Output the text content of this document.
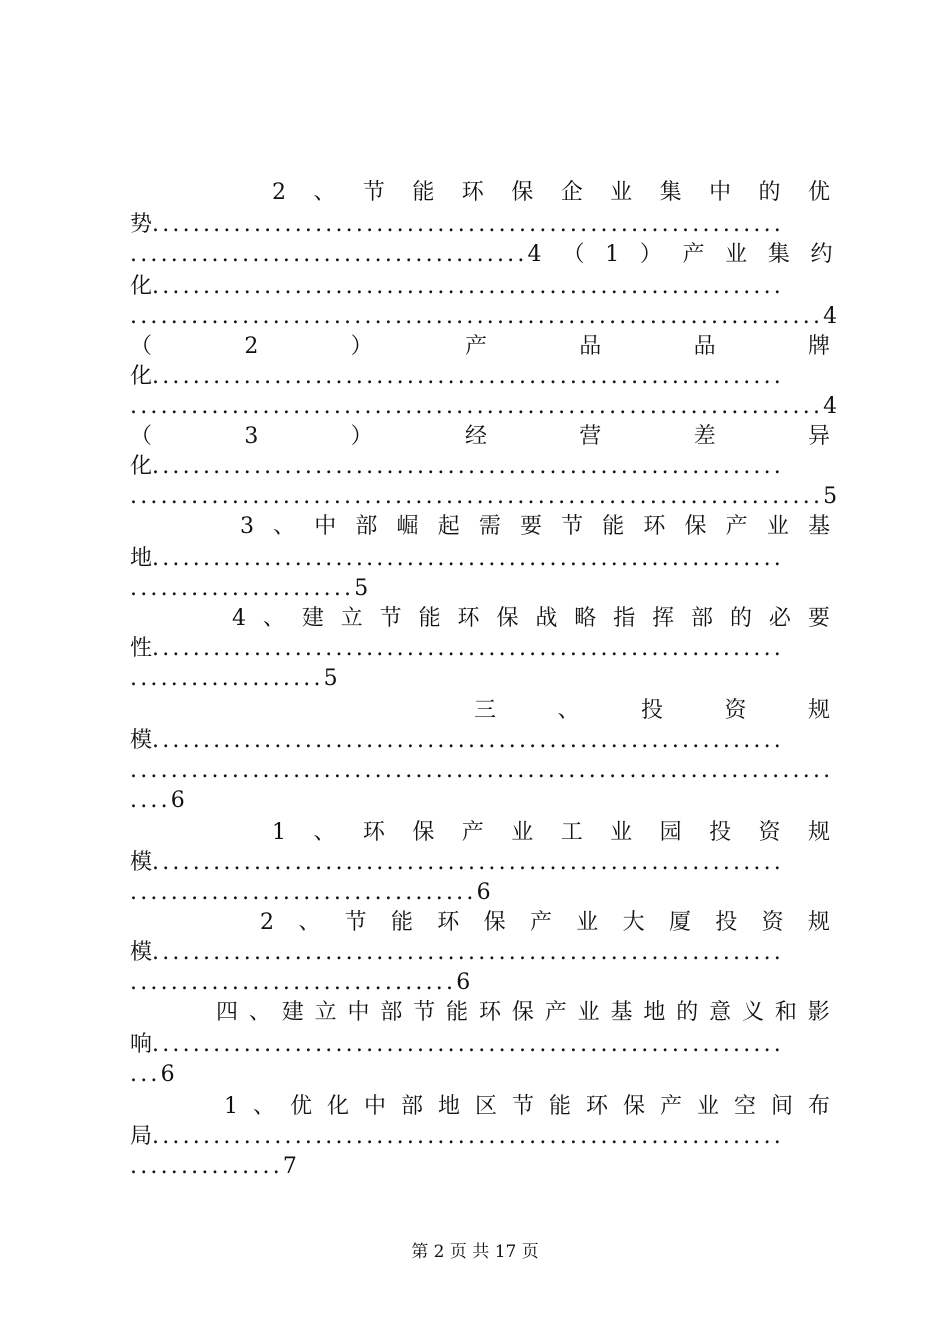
2 、 节 能 环 保 企 业 集 中 的 优
势..............................................................
.......................................4 （ 1 ） 产 业 集 约
化..............................................................
....................................................................4
（	2	）	产	品	品	牌
化..............................................................
....................................................................4
（	3	）	经	营	差	异
化..............................................................
....................................................................5
3 、 中 部 崛 起 需 要 节 能 环 保 产 业 基
地..............................................................
......................5
4 、 建 立 节 能 环 保 战 略 指 挥 部 的 必 要
性..............................................................
...................5
三	、	投	资	规
模..............................................................
.....................................................................
....6
1 、 环 保 产 业 工 业 园 投 资 规
模..............................................................
..................................6
2 、 节 能 环 保 产 业 大 厦 投 资 规
模..............................................................
................................6
四 、 建 立 中 部 节 能 环 保 产 业 基 地 的 意 义 和 影
响..............................................................
...6
1 、 优 化 中 部 地 区 节 能 环 保 产 业 空 间 布
局..............................................................
...............7
第 2 页 共 17 页
